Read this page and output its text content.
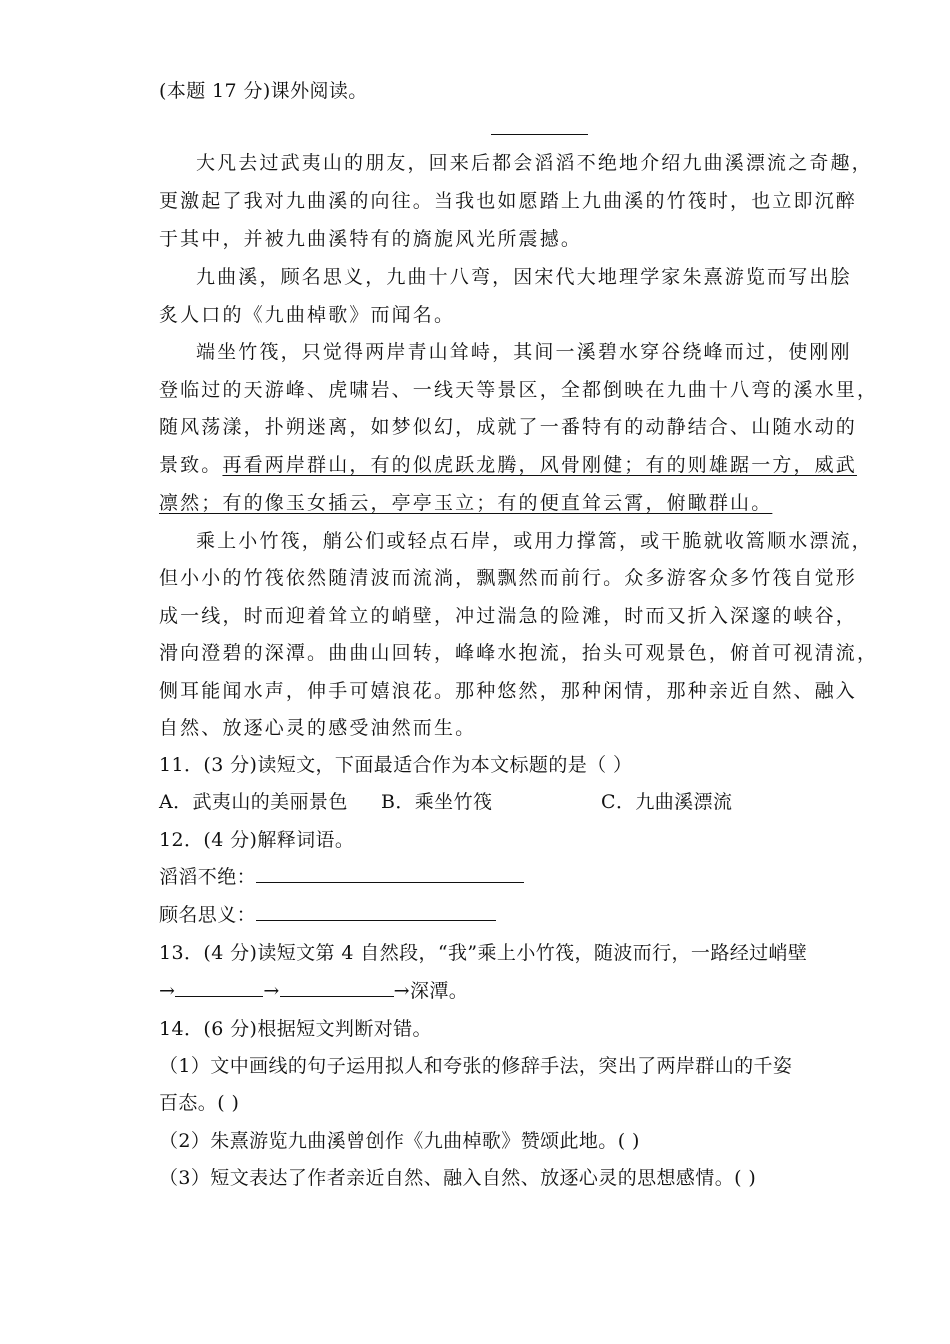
(本题 17 分)课外阅读。
大凡去过武夷山的朋友，回来后都会滔滔不绝地介绍九曲溪漂流之奇趣，
更激起了我对九曲溪的向往。当我也如愿踏上九曲溪的竹筏时，也立即沉醉
于其中，并被九曲溪特有的旖旎风光所震撼。
九曲溪，顾名思义，九曲十八弯，因宋代大地理学家朱熹游览而写出脍
炙人口的《九曲棹歌》而闻名。
端坐竹筏，只觉得两岸青山耸峙，其间一溪碧水穿谷绕峰而过，使刚刚
登临过的天游峰、虎啸岩、一线天等景区，全都倒映在九曲十八弯的溪水里，
随风荡漾，扑朔迷离，如梦似幻，成就了一番特有的动静结合、山随水动的
景致。再看两岸群山，有的似虎跃龙腾，风骨刚健；有的则雄踞一方，威武
凛然；有的像玉女插云，亭亭玉立；有的便直耸云霄，俯瞰群山。
乘上小竹筏，艄公们或轻点石岸，或用力撑篙，或干脆就收篙顺水漂流，
但小小的竹筏依然随清波而流淌，飘飘然而前行。众多游客众多竹筏自觉形
成一线，时而迎着耸立的峭壁，冲过湍急的险滩，时而又折入深邃的峡谷，
滑向澄碧的深潭。曲曲山回转，峰峰水抱流，抬头可观景色，俯首可视清流，
侧耳能闻水声，伸手可嬉浪花。那种悠然，那种闲情，那种亲近自然、融入
自然、放逐心灵的感受油然而生。
11．(3 分)读短文，下面最适合作为本文标题的是（ ）
A．武夷山的美丽景色 B．乘坐竹筏	C．九曲溪漂流
12．(4 分)解释词语。
滔滔不绝：
顾名思义：
13．(4 分)读短文第 4 自然段，“我”乘上小竹筏，随波而行，一路经过峭壁
→	→	→深潭。
14．(6 分)根据短文判断对错。
（1）文中画线的句子运用拟人和夸张的修辞手法，突出了两岸群山的千姿
百态。( )
（2）朱熹游览九曲溪曾创作《九曲棹歌》赞颂此地。( )
（3）短文表达了作者亲近自然、融入自然、放逐心灵的思想感情。( )
